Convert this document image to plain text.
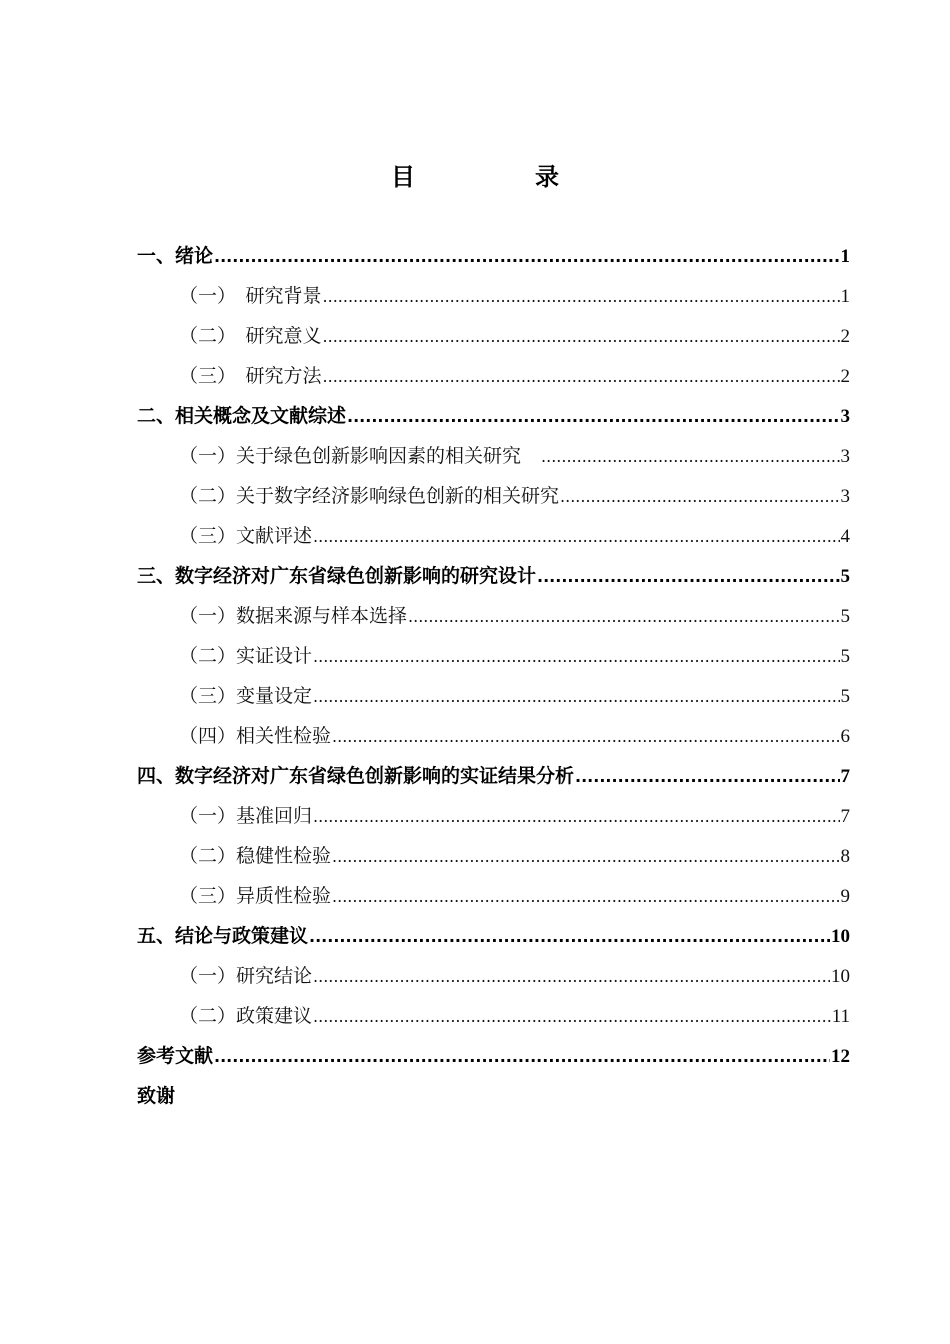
目　录
一、绪论 .....	1
（一）　研究背景 .....	1
（二）　研究意义 .....	2
（三）　研究方法 .....	2
二、相关概念及文献综述 .....	3
（一）关于绿色创新影响因素的相关研究　 .....	3
（二）关于数字经济影响绿色创新的相关研究 .....	3
（三）文献评述 .....	4
三、数字经济对广东省绿色创新影响的研究设计 .....	5
（一）数据来源与样本选择 .....	5
（二）实证设计 .....	5
（三）变量设定 .....	5
（四）相关性检验 .....	6
四、数字经济对广东省绿色创新影响的实证结果分析 .....	7
（一）基准回归 .....	7
（二）稳健性检验 .....	8
（三）异质性检验 .....	9
五、结论与政策建议 .....	10
（一）研究结论 .....	10
（二）政策建议 .....	11
参考文献 .....	12
致谢
